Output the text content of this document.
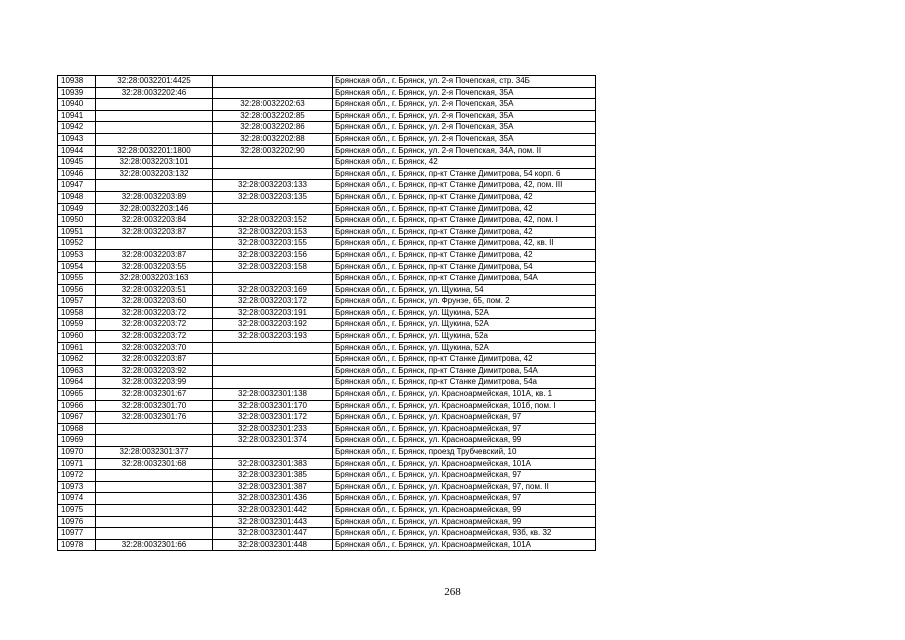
10938	32:28:0032201:4425		Брянская обл., г. Брянск, ул. 2-я Почепская, стр. 34Б
10939	32:28:0032202:46		Брянская обл., г. Брянск, ул. 2-я Почепская, 35А
10940		32:28:0032202:63	Брянская обл., г. Брянск, ул. 2-я Почепская, 35А
10941		32:28:0032202:85	Брянская обл., г. Брянск, ул. 2-я Почепская, 35А
10942		32:28:0032202:86	Брянская обл., г. Брянск, ул. 2-я Почепская, 35А
10943		32:28:0032202:88	Брянская обл., г. Брянск, ул. 2-я Почепская, 35А
10944	32:28:0032201:1800	32:28:0032202:90	Брянская обл., г. Брянск, ул. 2-я Почепская, 34А, пом. II
10945	32:28:0032203:101		Брянская обл., г. Брянск, 42
10946	32:28:0032203:132		Брянская обл., г. Брянск, пр-кт Станке Димитрова, 54 корп. 6
10947		32:28:0032203:133	Брянская обл., г. Брянск, пр-кт Станке Димитрова, 42, пом. III
10948	32:28:0032203:89	32:28:0032203:135	Брянская обл., г. Брянск, пр-кт Станке Димитрова, 42
10949	32:28:0032203:146		Брянская обл., г. Брянск, пр-кт Станке Димитрова, 42
10950	32:28:0032203:84	32:28:0032203:152	Брянская обл., г. Брянск, пр-кт Станке Димитрова, 42, пом. I
10951	32:28:0032203:87	32:28:0032203:153	Брянская обл., г. Брянск, пр-кт Станке Димитрова, 42
10952		32:28:0032203:155	Брянская обл., г. Брянск, пр-кт Станке Димитрова, 42, кв. II
10953	32:28:0032203:87	32:28:0032203:156	Брянская обл., г. Брянск, пр-кт Станке Димитрова, 42
10954	32:28:0032203:55	32:28:0032203:158	Брянская обл., г. Брянск, пр-кт Станке Димитрова, 54
10955	32:28:0032203:163		Брянская обл., г. Брянск, пр-кт Станке Димитрова, 54А
10956	32:28:0032203:51	32:28:0032203:169	Брянская обл., г. Брянск, ул. Щукина, 54
10957	32:28:0032203:60	32:28:0032203:172	Брянская обл., г. Брянск, ул. Фрунзе, 65, пом. 2
10958	32:28:0032203:72	32:28:0032203:191	Брянская обл., г. Брянск, ул. Щукина, 52А
10959	32:28:0032203:72	32:28:0032203:192	Брянская обл., г. Брянск, ул. Щукина, 52А
10960	32:28:0032203:72	32:28:0032203:193	Брянская обл., г. Брянск, ул. Щукина, 52а
10961	32:28:0032203:70		Брянская обл., г. Брянск, ул. Щукина, 52А
10962	32:28:0032203:87		Брянская обл., г. Брянск, пр-кт Станке Димитрова, 42
10963	32:28:0032203:92		Брянская обл., г. Брянск, пр-кт Станке Димитрова, 54А
10964	32:28:0032203:99		Брянская обл., г. Брянск, пр-кт Станке Димитрова, 54а
10965	32:28:0032301:67	32:28:0032301:138	Брянская обл., г. Брянск, ул. Красноармейская, 101А, кв. 1
10966	32:28:0032301:70	32:28:0032301:170	Брянская обл., г. Брянск, ул. Красноармейская, 101б, пом. I
10967	32:28:0032301:76	32:28:0032301:172	Брянская обл., г. Брянск, ул. Красноармейская, 97
10968		32:28:0032301:233	Брянская обл., г. Брянск, ул. Красноармейская, 97
10969		32:28:0032301:374	Брянская обл., г. Брянск, ул. Красноармейская, 99
10970	32:28:0032301:377		Брянская обл., г. Брянск, проезд Трубчевский, 10
10971	32:28:0032301:68	32:28:0032301:383	Брянская обл., г. Брянск, ул. Красноармейская, 101А
10972		32:28:0032301:385	Брянская обл., г. Брянск, ул. Красноармейская, 97
10973		32:28:0032301:387	Брянская обл., г. Брянск, ул. Красноармейская, 97, пом. II
10974		32:28:0032301:436	Брянская обл., г. Брянск, ул. Красноармейская, 97
10975		32:28:0032301:442	Брянская обл., г. Брянск, ул. Красноармейская, 99
10976		32:28:0032301:443	Брянская обл., г. Брянск, ул. Красноармейская, 99
10977		32:28:0032301:447	Брянская обл., г. Брянск, ул. Красноармейская, 93б, кв. 32
10978	32:28:0032301:66	32:28:0032301:448	Брянская обл., г. Брянск, ул. Красноармейская, 101А
268
